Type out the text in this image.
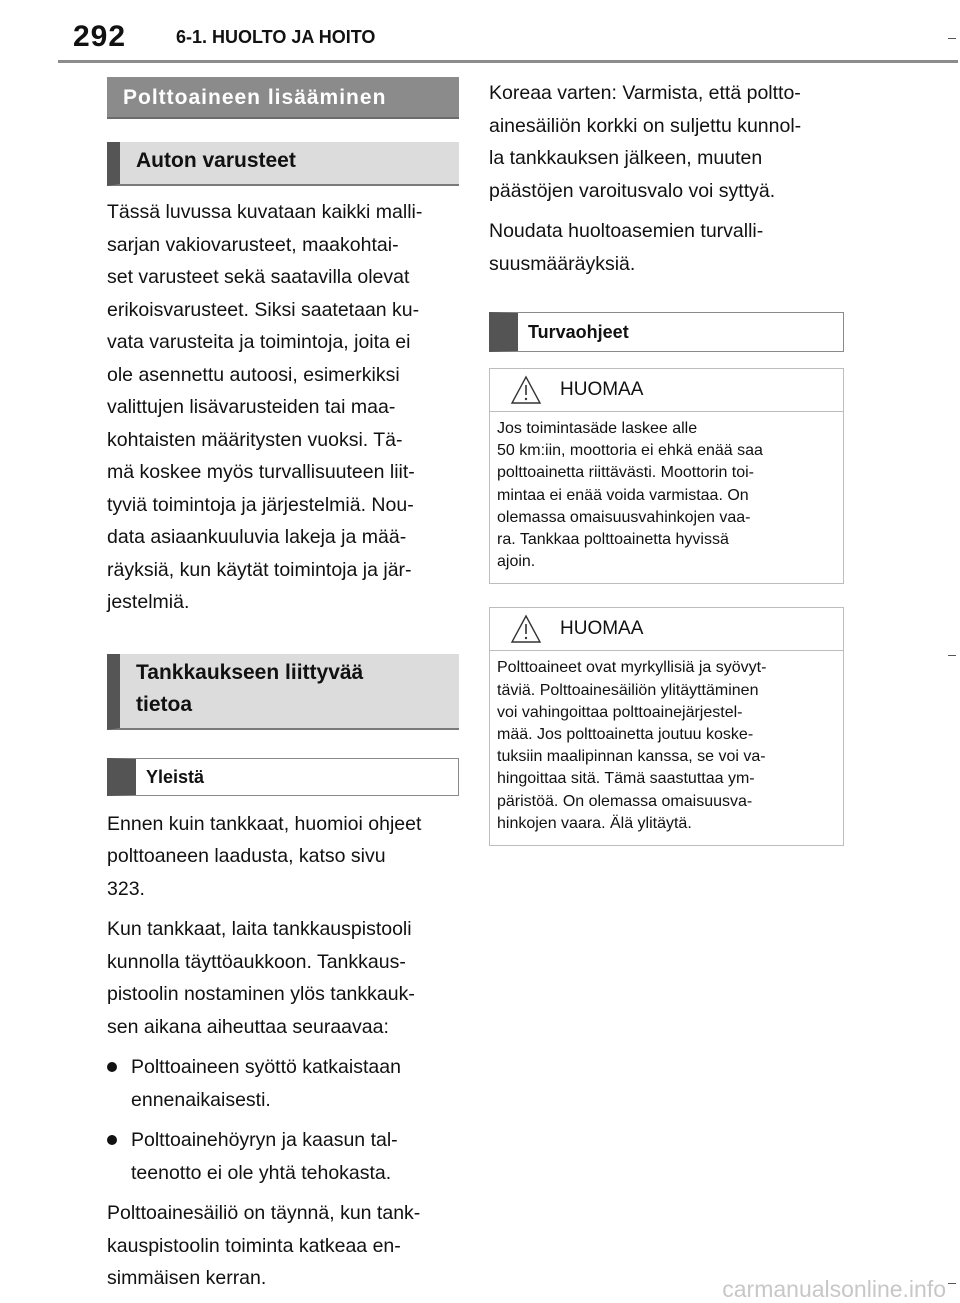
292	6-1. HUOLTO JA HOITO
Polttoaineen lisääminen
Auton varusteet
Tässä luvussa kuvataan kaikki malli-
sarjan vakiovarusteet, maakohtai-
set varusteet sekä saatavilla olevat
erikoisvarusteet. Siksi saatetaan ku-
vata varusteita ja toimintoja, joita ei
ole asennettu autoosi, esimerkiksi
valittujen lisävarusteiden tai maa-
kohtaisten määritysten vuoksi. Tä-
mä koskee myös turvallisuuteen liit-
tyviä toimintoja ja järjestelmiä. Nou-
data asiaankuuluvia lakeja ja mää-
räyksiä, kun käytät toimintoja ja jär-
jestelmiä.
Tankkaukseen liittyvää
tietoa
Yleistä
Ennen kuin tankkaat, huomioi ohjeet
polttoaneen laadusta, katso sivu
323.
Kun tankkaat, laita tankkauspistooli
kunnolla täyttöaukkoon. Tankkaus-
pistoolin nostaminen ylös tankkauk-
sen aikana aiheuttaa seuraavaa:
Polttoaineen syöttö katkaistaan
ennenaikaisesti.
Polttoainehöyryn ja kaasun tal-
teenotto ei ole yhtä tehokasta.
Polttoainesäiliö on täynnä, kun tank-
kauspistoolin toiminta katkeaa en-
simmäisen kerran.
Koreaa varten: Varmista, että poltto-
ainesäiliön korkki on suljettu kunnol-
la tankkauksen jälkeen, muuten
päästöjen varoitusvalo voi syttyä.
Noudata huoltoasemien turvalli-
suusmääräyksiä.
Turvaohjeet
HUOMAA
Jos toimintasäde laskee alle
50 km:iin, moottoria ei ehkä enää saa
polttoainetta riittävästi. Moottorin toi-
mintaa ei enää voida varmistaa. On
olemassa omaisuusvahinkojen vaa-
ra. Tankkaa polttoainetta hyvissä
ajoin.
HUOMAA
Polttoaineet ovat myrkyllisiä ja syövyt-
täviä. Polttoainesäiliön ylitäyttäminen
voi vahingoittaa polttoainejärjestel-
mää. Jos polttoainetta joutuu koske-
tuksiin maalipinnan kanssa, se voi va-
hingoittaa sitä. Tämä saastuttaa ym-
päristöä. On olemassa omaisuusva-
hinkojen vaara. Älä ylitäytä.
carmanualsonline.info
